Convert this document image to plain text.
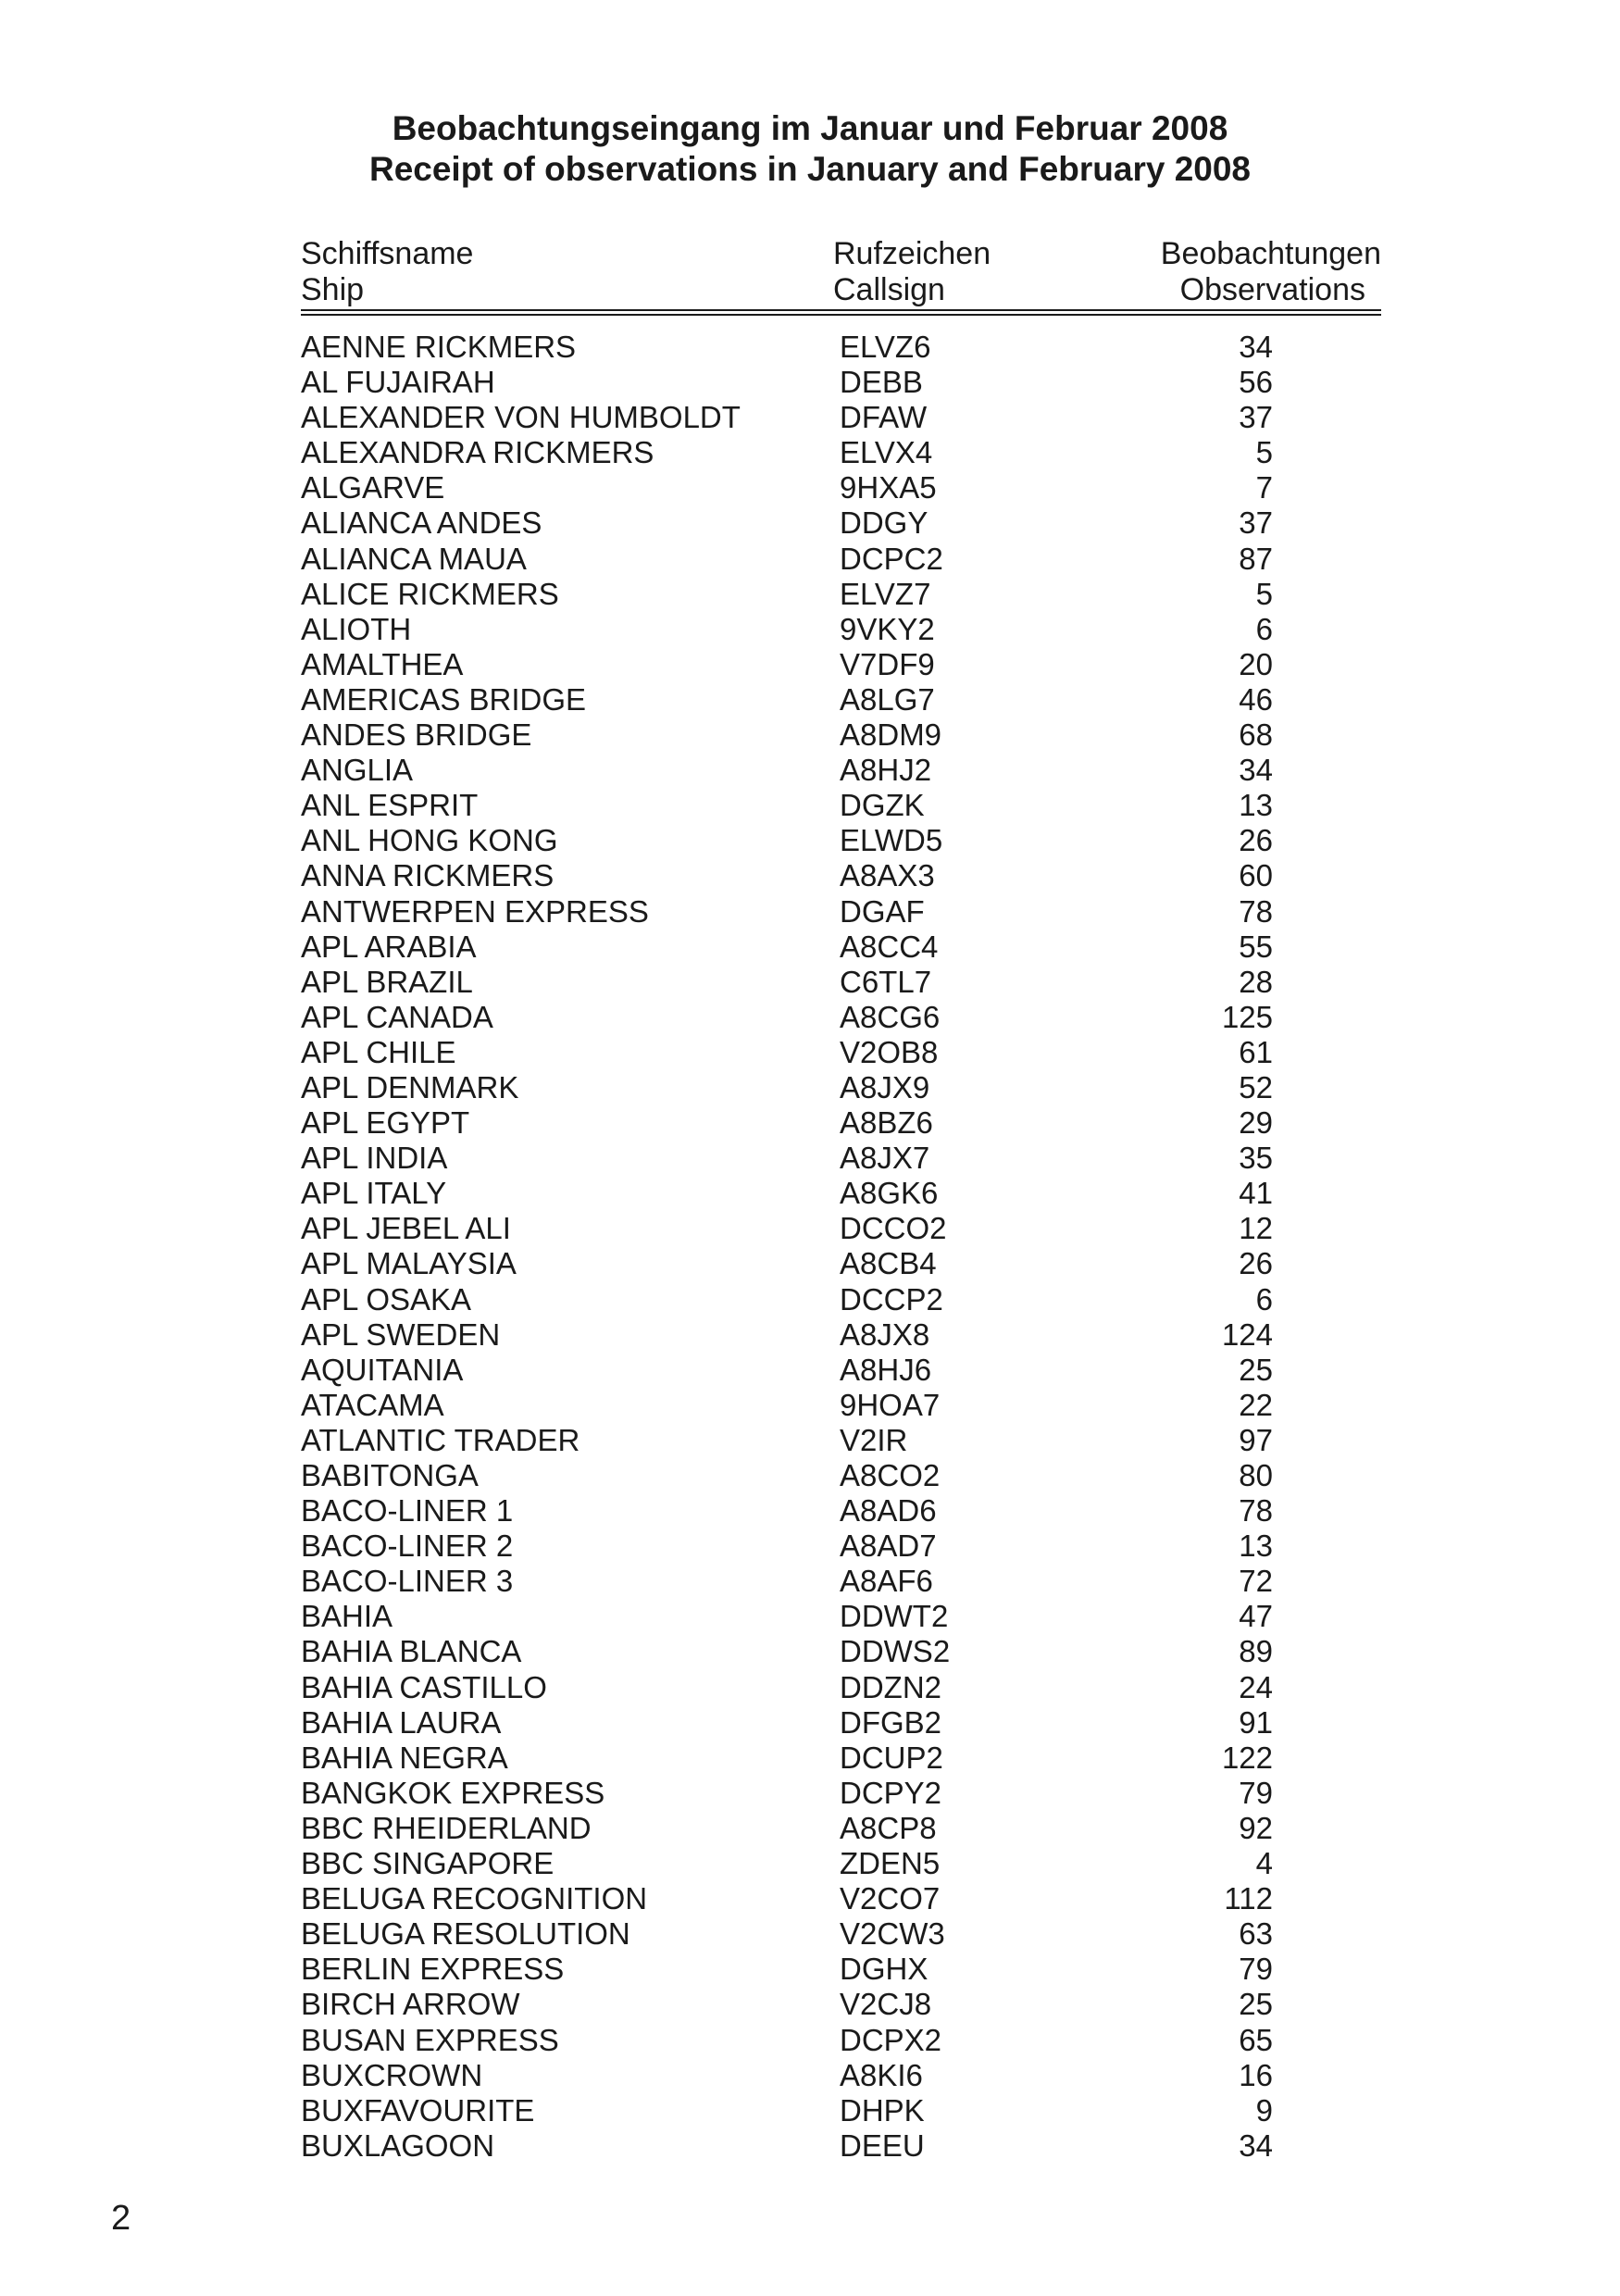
Beobachtungseingang im Januar und Februar 2008
Receipt of observations in January and February 2008
Schiffsname	Rufzeichen	Beobachtungen
Ship	Callsign	Observations
AENNE RICKMERS	ELVZ6	34
AL FUJAIRAH	DEBB	56
ALEXANDER VON HUMBOLDT	DFAW	37
ALEXANDRA RICKMERS	ELVX4	5
ALGARVE	9HXA5	7
ALIANCA ANDES	DDGY	37
ALIANCA MAUA	DCPC2	87
ALICE RICKMERS	ELVZ7	5
ALIOTH	9VKY2	6
AMALTHEA	V7DF9	20
AMERICAS BRIDGE	A8LG7	46
ANDES BRIDGE	A8DM9	68
ANGLIA	A8HJ2	34
ANL ESPRIT	DGZK	13
ANL HONG KONG	ELWD5	26
ANNA RICKMERS	A8AX3	60
ANTWERPEN EXPRESS	DGAF	78
APL ARABIA	A8CC4	55
APL BRAZIL	C6TL7	28
APL CANADA	A8CG6	125
APL CHILE	V2OB8	61
APL DENMARK	A8JX9	52
APL EGYPT	A8BZ6	29
APL INDIA	A8JX7	35
APL ITALY	A8GK6	41
APL JEBEL ALI	DCCO2	12
APL MALAYSIA	A8CB4	26
APL OSAKA	DCCP2	6
APL SWEDEN	A8JX8	124
AQUITANIA	A8HJ6	25
ATACAMA	9HOA7	22
ATLANTIC TRADER	V2IR	97
BABITONGA	A8CO2	80
BACO-LINER 1	A8AD6	78
BACO-LINER 2	A8AD7	13
BACO-LINER 3	A8AF6	72
BAHIA	DDWT2	47
BAHIA BLANCA	DDWS2	89
BAHIA CASTILLO	DDZN2	24
BAHIA LAURA	DFGB2	91
BAHIA NEGRA	DCUP2	122
BANGKOK EXPRESS	DCPY2	79
BBC RHEIDERLAND	A8CP8	92
BBC SINGAPORE	ZDEN5	4
BELUGA RECOGNITION	V2CO7	112
BELUGA RESOLUTION	V2CW3	63
BERLIN EXPRESS	DGHX	79
BIRCH ARROW	V2CJ8	25
BUSAN EXPRESS	DCPX2	65
BUXCROWN	A8KI6	16
BUXFAVOURITE	DHPK	9
BUXLAGOON	DEEU	34
2
